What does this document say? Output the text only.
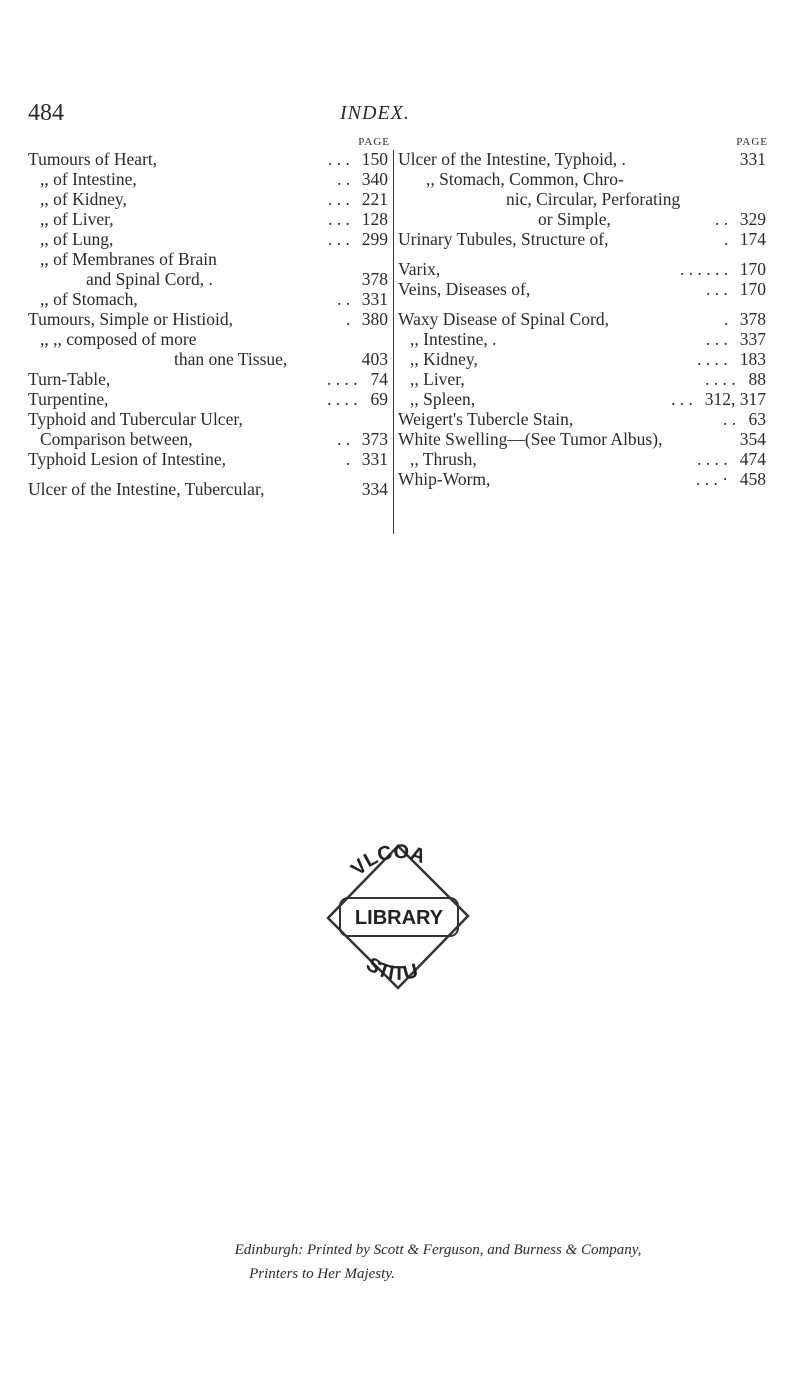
484	INDEX.
PAGE
Tumours of Heart,	. . . 150
,, of Intestine,	. . 340
,, of Kidney,	. . . 221
,, of Liver,	. . . 128
,, of Lung,	. . . 299
,, of Membranes of Brain
and Spinal Cord, .	378
,, of Stomach,	. . 331
Tumours, Simple or Histioid,	. 380
,, ,, composed of more
than one Tissue,	403
Turn-Table,	. . . . 74
Turpentine,	. . . . 69
Typhoid and Tubercular Ulcer,
Comparison between,	. . 373
Typhoid Lesion of Intestine,	. 331
Ulcer of the Intestine, Tubercular,	334
PAGE
Ulcer of the Intestine, Typhoid, .	331
,, Stomach, Common, Chro-
nic, Circular, Perforating
or Simple,	. . 329
Urinary Tubules, Structure of,	. 174
Varix,	. . . . . . 170
Veins, Diseases of,	. . . 170
Waxy Disease of Spinal Cord,	. 378
,, Intestine, .	. . . 337
,, Kidney,	. . . . 183
,, Liver,	. . . . 88
,, Spleen,	. . . 312, 317
Weigert's Tubercle Stain,	. . 63
White Swelling—(See Tumor Albus),	354
,, Thrush,	. . . . 474
Whip-Worm,	. . . · 458
VLCOA
LIBRARY
STITU
Edinburgh: Printed by Scott & Ferguson, and Burness & Company,
Printers to Her Majesty.
